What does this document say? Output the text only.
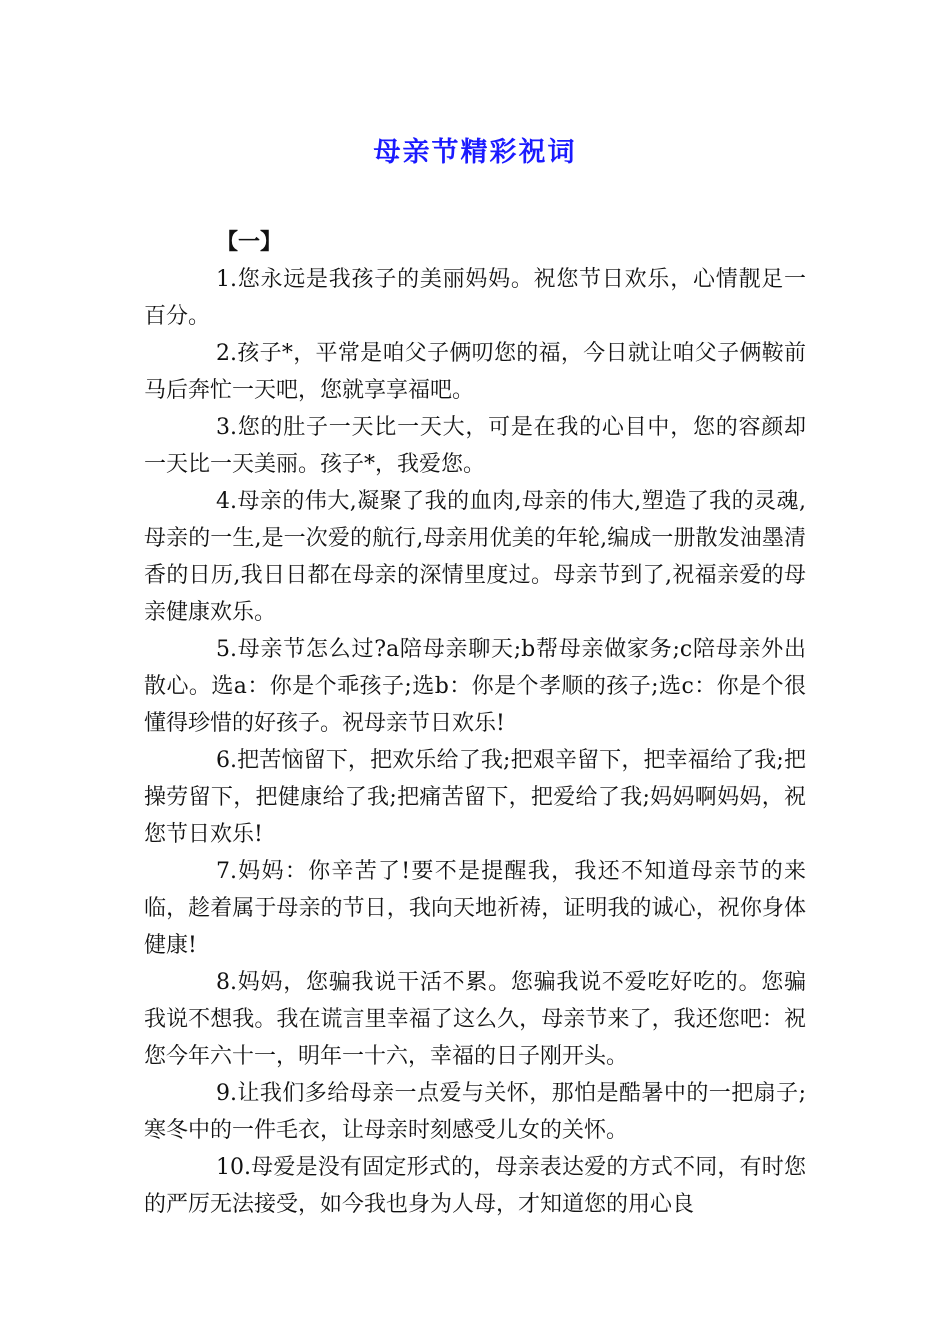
母亲节精彩祝词

【一】

1.您永远是我孩子的美丽妈妈。祝您节日欢乐，心情靓足一百分。

2.孩子*，平常是咱父子俩叨您的福，今日就让咱父子俩鞍前马后奔忙一天吧，您就享享福吧。

3.您的肚子一天比一天大，可是在我的心目中，您的容颜却一天比一天美丽。孩子*，我爱您。

4.母亲的伟大,凝聚了我的血肉,母亲的伟大,塑造了我的灵魂,母亲的一生,是一次爱的航行,母亲用优美的年轮,编成一册散发油墨清香的日历,我日日都在母亲的深情里度过。母亲节到了,祝福亲爱的母亲健康欢乐。

5.母亲节怎么过?a陪母亲聊天;b帮母亲做家务;c陪母亲外出散心。选a：你是个乖孩子;选b：你是个孝顺的孩子;选c：你是个很懂得珍惜的好孩子。祝母亲节日欢乐!

6.把苦恼留下，把欢乐给了我;把艰辛留下，把幸福给了我;把操劳留下，把健康给了我;把痛苦留下，把爱给了我;妈妈啊妈妈，祝您节日欢乐!

7.妈妈：你辛苦了!要不是提醒我，我还不知道母亲节的来临，趁着属于母亲的节日，我向天地祈祷，证明我的诚心，祝你身体健康!

8.妈妈，您骗我说干活不累。您骗我说不爱吃好吃的。您骗我说不想我。我在谎言里幸福了这么久，母亲节来了，我还您吧：祝您今年六十一，明年一十六，幸福的日子刚开头。

9.让我们多给母亲一点爱与关怀，那怕是酷暑中的一把扇子;寒冬中的一件毛衣，让母亲时刻感受儿女的关怀。

10.母爱是没有固定形式的，母亲表达爱的方式不同，有时您的严厉无法接受，如今我也身为人母，才知道您的用心良
